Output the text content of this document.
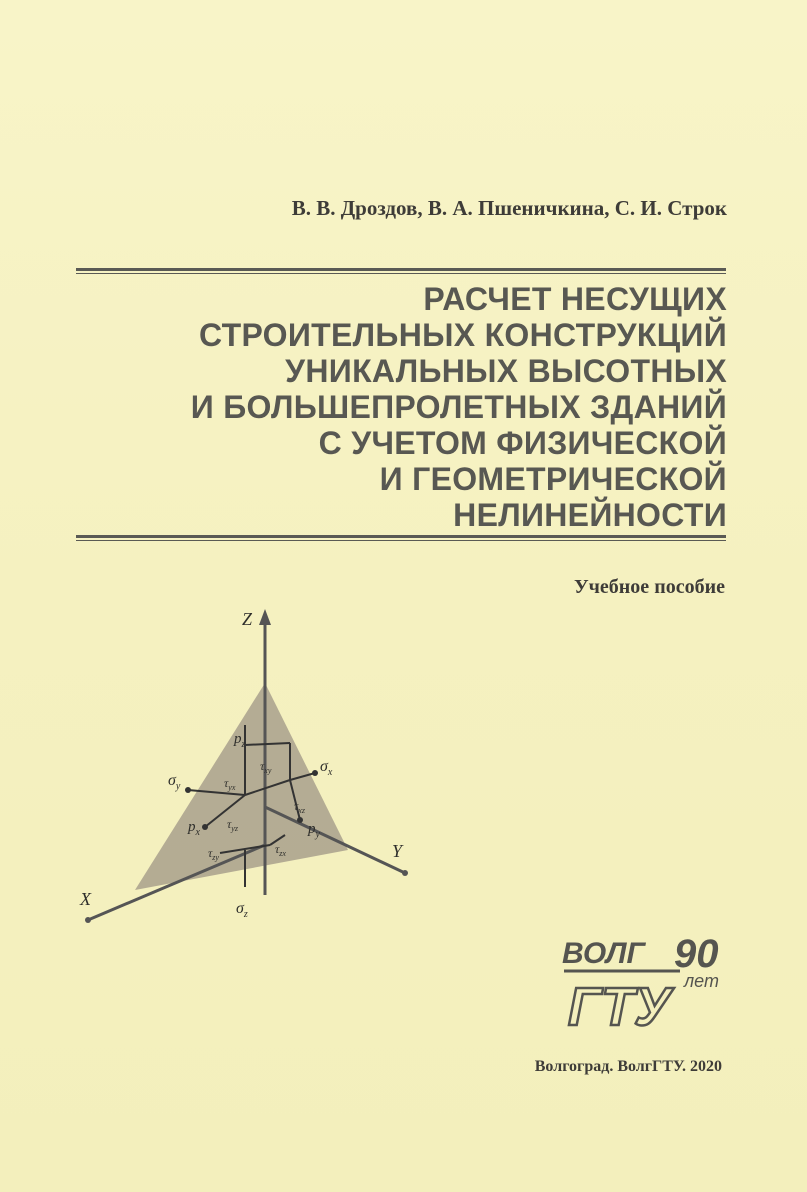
В. В. Дроздов, В. А. Пшеничкина, С. И. Строк
РАСЧЕТ НЕСУЩИХ
СТРОИТЕЛЬНЫХ КОНСТРУКЦИЙ
УНИКАЛЬНЫХ ВЫСОТНЫХ
И БОЛЬШЕПРОЛЕТНЫХ ЗДАНИЙ
С УЧЕТОМ ФИЗИЧЕСКОЙ
И ГЕОМЕТРИЧЕСКОЙ
НЕЛИНЕЙНОСТИ
Учебное пособие
Z
Y
X
$p_z$
$\sigma_y$
$\sigma_x$
$\tau_{xy}$
$\tau_{yx}$
$\tau_{xz}$
$\tau_{yz}$
$p_x$	$p_y$
$\tau_{zy}$
$\tau_{zx}$
$\sigma_z$
ВОЛГ 90
лет
ГТУ
Волгоград. ВолгГТУ. 2020
